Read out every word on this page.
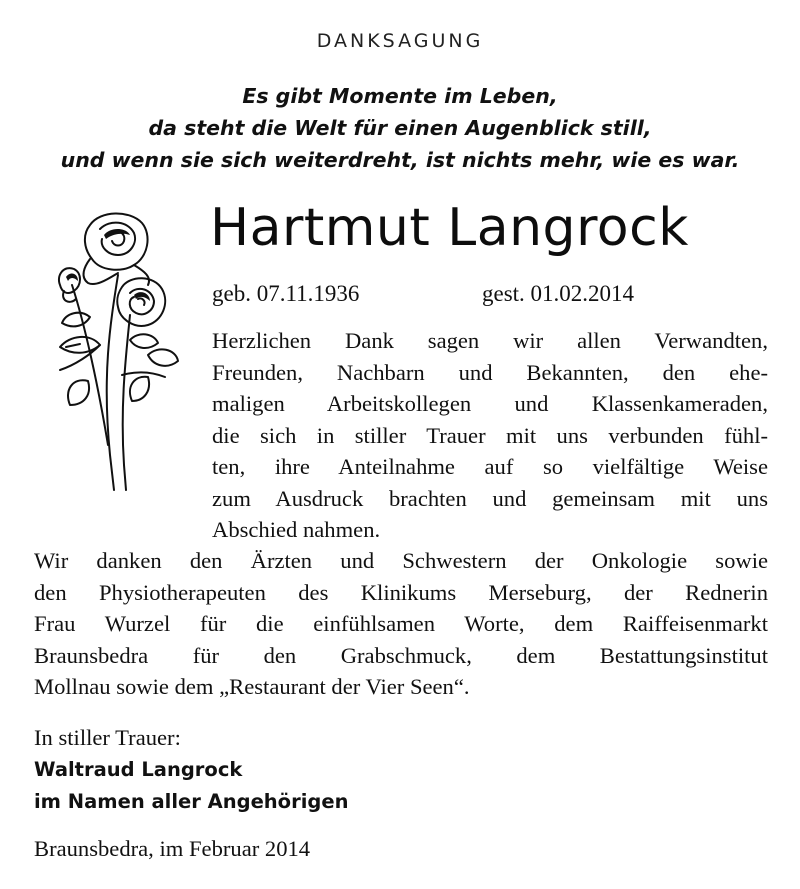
DANKSAGUNG
Es gibt Momente im Leben,
da steht die Welt für einen Augenblick still,
und wenn sie sich weiterdreht, ist nichts mehr, wie es war.
Hartmut Langrock
geb. 07.11.1936	gest. 01.02.2014
Herzlichen Dank sagen wir allen Verwandten,
Freunden, Nachbarn und Bekannten, den ehe-
maligen Arbeitskollegen und Klassenkameraden,
die sich in stiller Trauer mit uns verbunden fühl-
ten, ihre Anteilnahme auf so vielfältige Weise
zum Ausdruck brachten und gemeinsam mit uns
Abschied nahmen.
Wir danken den Ärzten und Schwestern der Onkologie sowie
den Physiotherapeuten des Klinikums Merseburg, der Rednerin
Frau Wurzel für die einfühlsamen Worte, dem Raiffeisenmarkt
Braunsbedra für den Grabschmuck, dem Bestattungsinstitut
Mollnau sowie dem „Restaurant der Vier Seen“.
In stiller Trauer:
Waltraud Langrock
im Namen aller Angehörigen
Braunsbedra, im Februar 2014
